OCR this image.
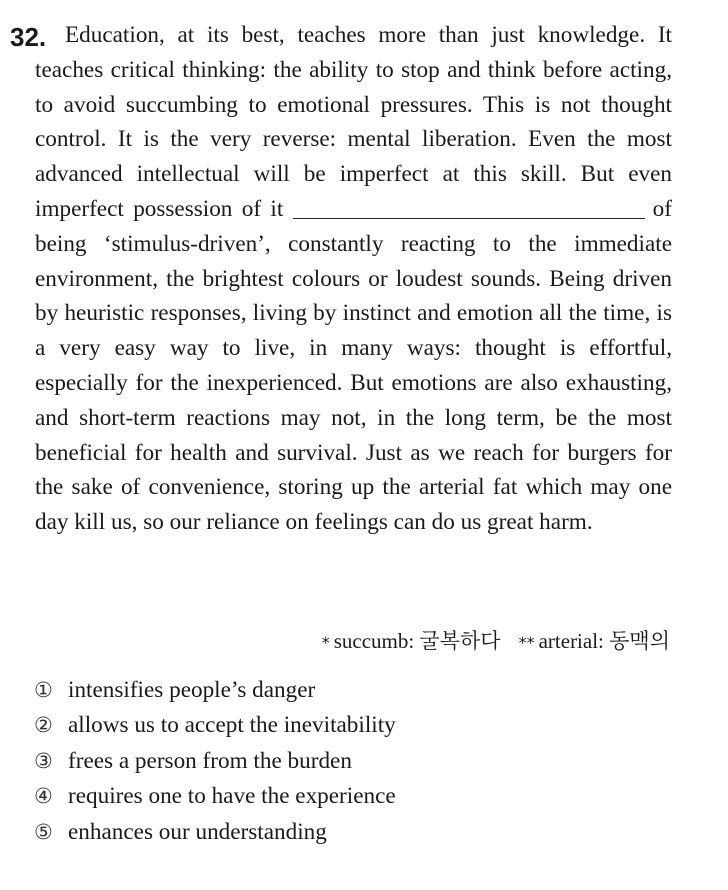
32. Education, at its best, teaches more than just knowledge. It teaches critical thinking: the ability to stop and think before acting, to avoid succumbing to emotional pressures. This is not thought control. It is the very reverse: mental liberation. Even the most advanced intellectual will be imperfect at this skill. But even imperfect possession of it	of being ‘stimulus-driven’, constantly reacting to the immediate environment, the brightest colours or loudest sounds. Being driven by heuristic responses, living by instinct and emotion all the time, is a very easy way to live, in many ways: thought is effortful, especially for the inexperienced. But emotions are also exhausting, and short-term reactions may not, in the long term, be the most beneficial for health and survival. Just as we reach for burgers for the sake of convenience, storing up the arterial fat which may one day kill us, so our reliance on feelings can do us great harm.

* succumb: 굴복하다 ** arterial: 동맥의
① intensifies people’s danger
② allows us to accept the inevitability
③ frees a person from the burden
④ requires one to have the experience
⑤ enhances our understanding
